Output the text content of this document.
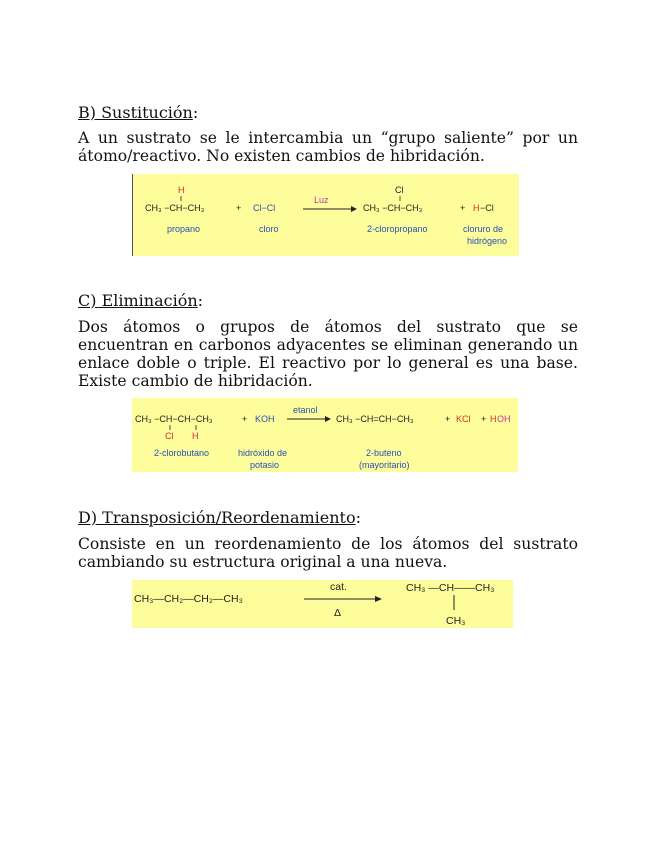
B) Sustitución:

A un sustrato se le intercambia un “grupo saliente” por un átomo/reactivo. No existen cambios de hibridación.

H
CH₃ −CH−CH₃	+ Cl−Cl
Luz
Cl
CH₃ −CH−CH₃	+ H −Cl
propano	cloro	2-cloropropano	cloruro de
hidrógeno

C) Eliminación:

Dos átomos o grupos de átomos del sustrato que se encuentran en carbonos adyacentes se eliminan generando un enlace doble o triple. El reactivo por lo general es una base. Existe cambio de hibridación.

CH₃ −CH−CH−CH₃
Cl H
+ KOH
etanol
CH₃ −CH=CH−CH₃	+ KCl + H OH
2-clorobutano	hidróxido de
potasio
2-buteno
(mayoritario)

D) Transposición/Reordenamiento:

Consiste en un reordenamiento de los átomos del sustrato cambiando su estructura original a una nueva.

CH₃—CH₂—CH₂—CH₃
cat.
Δ
CH₃ —CH——CH₃
CH₃
